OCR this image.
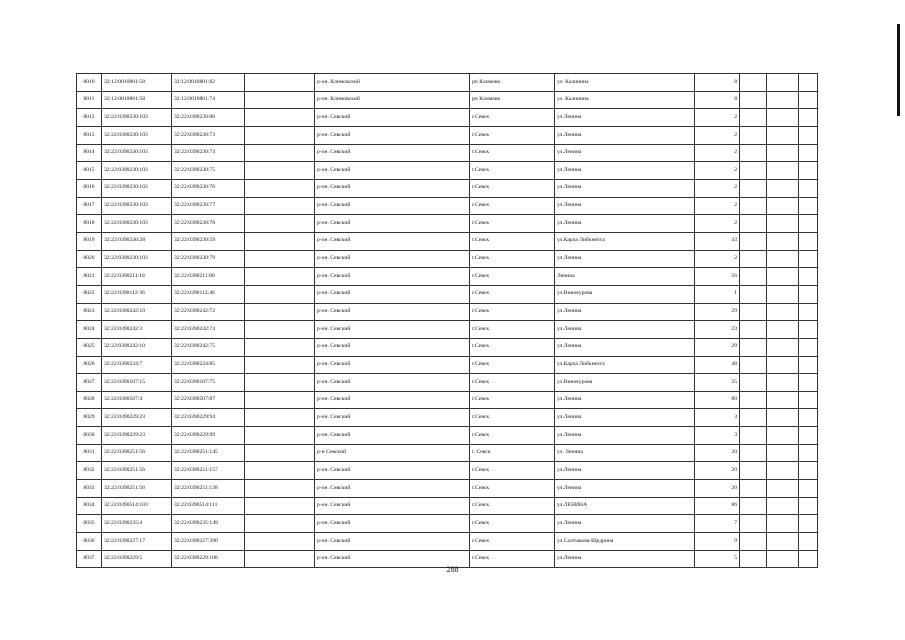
8010	32:12:0010801:58	32:12:0010801:82		р-он. Климовский	рп Климово	ул. Калинина	8			
8011	32:12:0010801:58	32:12:0010801:74		р-он. Климовский	рп Климово	ул. Калинина	8			
8012	32:22:0390230:103	32:22:0390230:80		р-он. Севский	г.Севск	ул.Ленина	2			
8013	32:22:0390230:103	32:22:0390230:73		р-он. Севский	г.Севск	ул.Ленина	2			
8014	32:22:0390230:103	32:22:0390230:74		р-он. Севский	г.Севск	ул.Ленина	2			
8015	32:22:0390230:103	32:22:0390230:75		р-он. Севский	г.Севск	ул.Ленина	2			
8016	32:22:0390230:103	32:22:0390230:76		р-он. Севский	г.Севск	ул.Ленина	2			
8017	32:22:0390230:103	32:22:0390230:77		р-он. Севский	г.Севск	ул.Ленина	2			
8018	32:22:0390230:103	32:22:0390230:78		р-он. Севский	г.Севск	ул.Ленина	2			
8019	32:22:0390230:28	32:22:0390230:59		р-он. Севский	г.Севск	ул.Карла Либкнехта	43			
8020	32:22:0390230:103	32:22:0390230:79		р-он. Севский	г.Севск	ул.Ленина	2			
8021	32:22:0390211:18	32:22:0390211:80		р-он. Севский	г.Севск	Ленина	56			
8022	32:22:0390112:36	32:22:0390112:46		р-он. Севский	г.Севск	ул.Винокурова	1			
8023	32:22:0390242:10	32:22:0390242:72		р-он. Севский	г.Севск	ул.Ленина	29			
8024	32:22:0390242:3	32:22:0390242:74		р-он. Севский	г.Севск	ул.Ленина	23			
8025	32:22:0390242:10	32:22:0390242:75		р-он. Севский	г.Севск	ул.Ленина	29			
8026	32:22:0390234:7	32:22:0390234:85		р-он. Севский	г.Севск	ул.Карла Либкнехта	48			
8027	32:22:0390107:15	32:22:0390107:75		р-он. Севский	г.Севск	ул.Винокурова	25			
8028	32:22:0390507:4	32:22:0390507:87		р-он. Севский	г.Севск	ул.Ленина	80			
8029	32:22:0390229:23	32:22:0390229:94		р-он. Севский	г.Севск	ул.Ленина	3			
8030	32:22:0390229:23	32:22:0390229:99		р-он. Севский	г.Севск	ул.Ленина	3			
8031	32:22:0390251:56	32:22:0390251:145		р-н Севский	г. Севск	ул. Ленина	20			
8032	32:22:0390251:56	32:22:0390251:157		р-он. Севский	г.Севск	ул.Ленина	20			
8033	32:22:0390251:56	32:22:0390251:138		р-он. Севский	г.Севск	ул.Ленина	20			
8034	32:22:0390514:103	32:22:0390514:111		р-он. Севский	г.Севск	ул.ЛЕНИНА	86			
8035	32:22:0390235:4	32:22:0390235:149		р-он. Севский	г.Севск	ул.Ленина	7			
8036	32:22:0390227:17	32:22:0390227:390		р-он. Севский	г.Севск	ул.Салтыкова-Щедрина	9			
8037	32:22:0390229:5	32:22:0390229:108		р-он. Севский	г.Севск	ул.Ленина	5			
288
